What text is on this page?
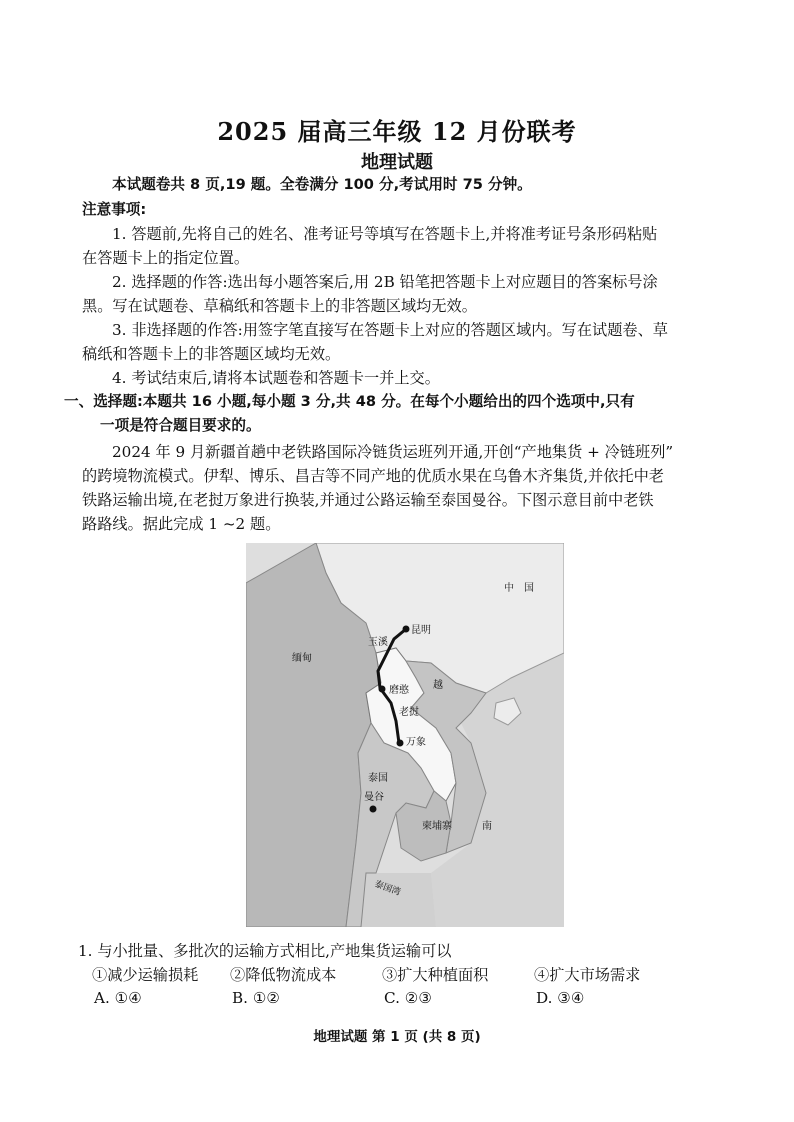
2025 届高三年级 12 月份联考
地理试题
本试题卷共 8 页,19 题。全卷满分 100 分,考试用时 75 分钟。
注意事项:
1. 答题前,先将自己的姓名、准考证号等填写在答题卡上,并将准考证号条形码粘贴
在答题卡上的指定位置。
2. 选择题的作答:选出每小题答案后,用 2B 铅笔把答题卡上对应题目的答案标号涂
黑。写在试题卷、草稿纸和答题卡上的非答题区域均无效。
3. 非选择题的作答:用签字笔直接写在答题卡上对应的答题区域内。写在试题卷、草
稿纸和答题卡上的非答题区域均无效。
4. 考试结束后,请将本试题卷和答题卡一并上交。
一、选择题:本题共 16 小题,每小题 3 分,共 48 分。在每个小题给出的四个选项中,只有
一项是符合题目要求的。
2024 年 9 月新疆首趟中老铁路国际冷链货运班列开通,开创“产地集货 + 冷链班列”
的跨境物流模式。伊犁、博乐、昌吉等不同产地的优质水果在乌鲁木齐集货,并依托中老
铁路运输出境,在老挝万象进行换装,并通过公路运输至泰国曼谷。下图示意目前中老铁
路路线。据此完成 1 ~2 题。
中　国
昆明
玉溪
缅甸
磨憨 越
老挝
万象
泰国
曼谷
柬埔寨	南
泰国湾
1. 与小批量、多批次的运输方式相比,产地集货运输可以
①减少运输损耗 ②降低物流成本	③扩大种植面积	④扩大市场需求
A. ①④	B. ①②	C. ②③	D. ③④
地理试题 第 1 页 (共 8 页)
